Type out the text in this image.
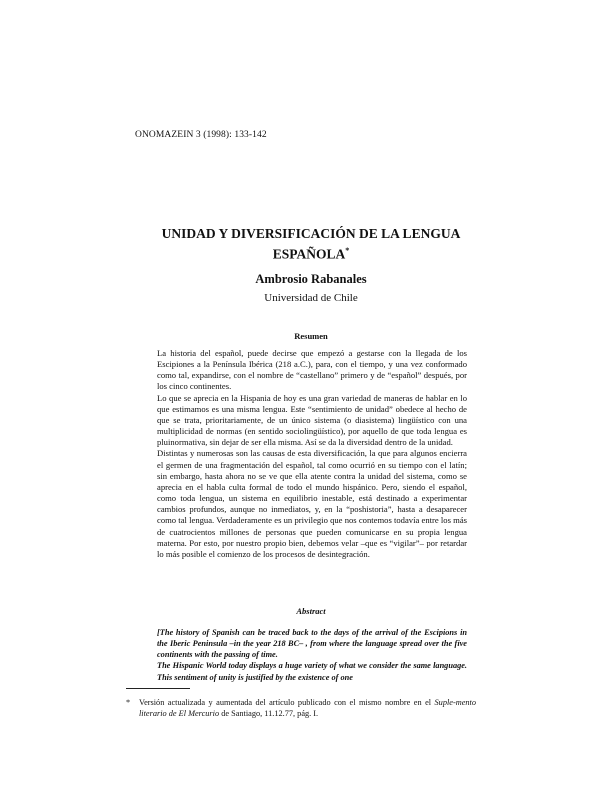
ONOMAZEIN 3 (1998): 133-142
UNIDAD Y DIVERSIFICACIÓN DE LA LENGUA
ESPAÑOLA*
Ambrosio Rabanales
Universidad de Chile
Resumen

La historia del español, puede decirse que empezó a gestarse con la llegada de los Escipiones a la Península Ibérica (218 a.C.), para, con el tiempo, y una vez conformado como tal, expandirse, con el nombre de “castellano” primero y de “español” después, por los cinco continentes.

Lo que se aprecia en la Hispania de hoy es una gran variedad de maneras de hablar en lo que estimamos es una misma lengua. Este “sentimiento de unidad” obedece al hecho de que se trata, prioritariamente, de un único sistema (o diasistema) lingüístico con una multiplicidad de normas (en sentido sociolingüístico), por aquello de que toda lengua es pluinormativa, sin dejar de ser ella misma. Así se da la diversidad dentro de la unidad.

Distintas y numerosas son las causas de esta diversificación, la que para algunos encierra el germen de una fragmentación del español, tal como ocurrió en su tiempo con el latín; sin embargo, hasta ahora no se ve que ella atente contra la unidad del sistema, como se aprecia en el habla culta formal de todo el mundo hispánico. Pero, siendo el español, como toda lengua, un sistema en equilibrio inestable, está destinado a experimentar cambios profundos, aunque no inmediatos, y, en la “poshistoria”, hasta a desaparecer como tal lengua. Verdaderamente es un privilegio que nos contemos todavía entre los más de cuatrocientos millones de personas que pueden comunicarse en su propia lengua materna. Por esto, por nuestro propio bien, debemos velar –que es “vigilar”– por retardar lo más posible el comienzo de los procesos de desintegración.

Abstract

[The history of Spanish can be traced back to the days of the arrival of the Escipions in the Iberic Peninsula –in the year 218 BC– , from where the language spread over the five continents with the passing of time.

The Hispanic World today displays a huge variety of what we consider the same language. This sentiment of unity is justified by the existence of one

* Versión actualizada y aumentada del artículo publicado con el mismo nombre en el Suple-mento literario de El Mercurio de Santiago, 11.12.77, pág. I.
